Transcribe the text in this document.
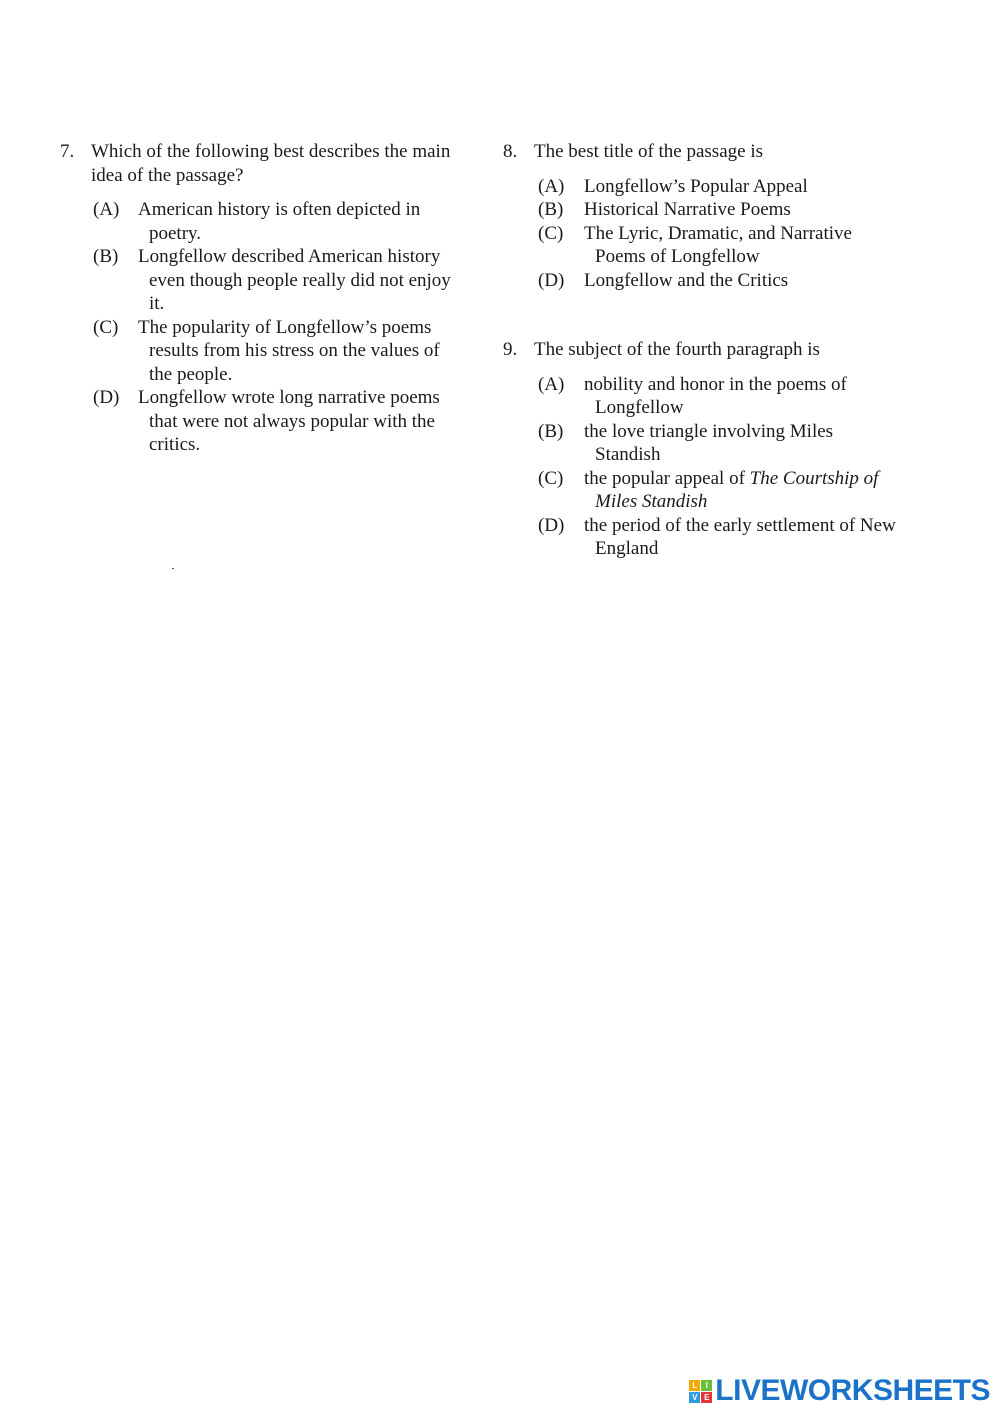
7. Which of the following best describes the main idea of the passage?
(A) American history is often depicted in poetry.
(B) Longfellow described American history even though people really did not enjoy it.
(C) The popularity of Longfellow’s poems results from his stress on the values of the people.
(D) Longfellow wrote long narrative poems that were not always popular with the critics.
8. The best title of the passage is
(A) Longfellow’s Popular Appeal
(B) Historical Narrative Poems
(C) The Lyric, Dramatic, and Narrative Poems of Longfellow
(D) Longfellow and the Critics
9. The subject of the fourth paragraph is
(A) nobility and honor in the poems of Longfellow
(B) the love triangle involving Miles Standish
(C) the popular appeal of The Courtship of Miles Standish
(D) the period of the early settlement of New England
L	I
V E LIVEWORKSHEETS
